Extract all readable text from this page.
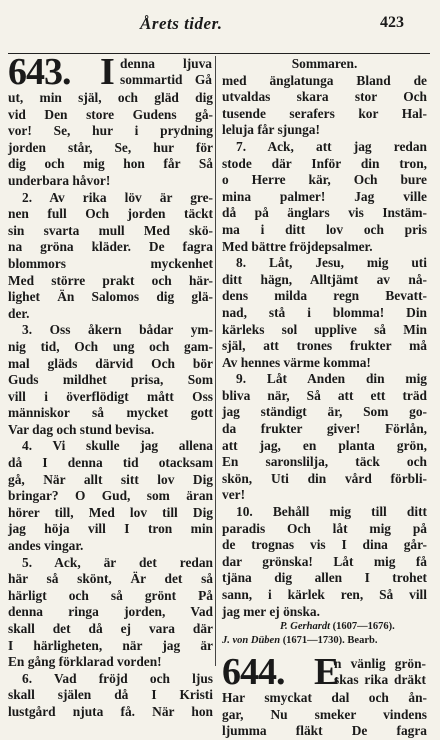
Årets tider.	423
643. I denna ljuva
sommartid Gå
ut, min själ, och gläd dig
vid Den store Gudens gå-
vor! Se, hur i prydning
jorden står, Se, hur för
dig och mig hon får Så
underbara håvor!
2. Av rika löv är gre-
nen full Och jorden täckt
sin svarta mull Med skö-
na gröna kläder. De fagra
blommors myckenhet
Med större prakt och här-
lighet Än Salomos dig glä-
der.
3. Oss åkern bådar ym-
nig tid, Och ung och gam-
mal gläds därvid Och bör
Guds mildhet prisa, Som
vill i överflödigt mått Oss
människor så mycket gott
Var dag och stund bevisa.
4. Vi skulle jag allena
då I denna tid otacksam
gå, När allt sitt lov Dig
bringar? O Gud, som äran
hörer till, Med lov till Dig
jag höja vill I tron min
andes vingar.
5. Ack, är det redan
här så skönt, Är det så
härligt och så grönt På
denna ringa jorden, Vad
skall det då ej vara där
I härligheten, när jag är
En gång förklarad vorden!
6. Vad fröjd och ljus
skall själen då I Kristi
lustgård njuta få. När hon
Sommaren.
med änglatunga Bland de
utvaldas skara stor Och
tusende serafers kor Hal-
leluja får sjunga!
7. Ack, att jag redan
stode där Inför din tron,
o Herre kär, Och bure
mina palmer! Jag ville
då på änglars vis Instäm-
ma i ditt lov och pris
Med bättre fröjdepsalmer.
8. Låt, Jesu, mig uti
ditt hägn, Alltjämt av nå-
dens milda regn Bevatt-
nad, stå i blomma! Din
kärleks sol upplive så Min
själ, att trones frukter må
Av hennes värme komma!
9. Låt Anden din mig
bliva när, Så att ett träd
jag ständigt är, Som go-
da frukter giver! Förlån,
att jag, en planta grön,
En saronslilja, täck och
skön, Uti din vård förbli-
ver!
10. Behåll mig till ditt
paradis Och låt mig på
de trognas vis I dina går-
dar grönska! Låt mig få
tjäna dig allen I trohet
sann, i kärlek ren, Så vill
jag mer ej önska.
P. Gerhardt (1607—1676).
J. von Düben (1671—1730). Bearb.
644. E
n vänlig grön-
skas rika dräkt
Har smyckat dal och ån-
gar, Nu smeker vindens
ljumma fläkt De fagra
